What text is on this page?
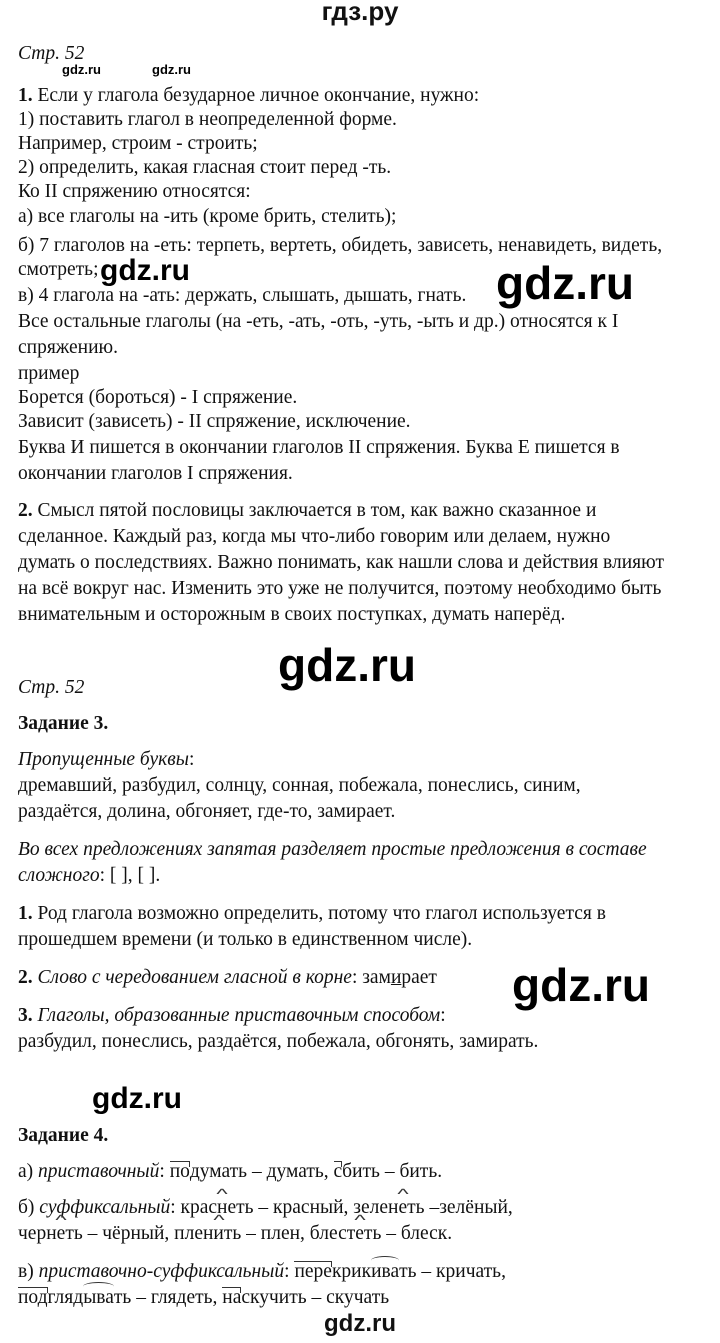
гдз.ру
gdz.ru	gdz.ru
gdz.ru	gdz.ru
gdz.ru
gdz.ru
gdz.ru
Стр. 52
1. Если у глагола безударное личное окончание, нужно:
1) поставить глагол в неопределенной форме.
Например, строим - строить;
2) определить, какая гласная стоит перед -ть.
Ко II спряжению относятся:
а) все глаголы на -ить (кроме брить, стелить);
б) 7 глаголов на -еть: терпеть, вертеть, обидеть, зависеть, ненавидеть, видеть,
смотреть;
в) 4 глагола на -ать: держать, слышать, дышать, гнать.
Все остальные глаголы (на -еть, -ать, -оть, -уть, -ыть и др.) относятся к I
спряжению.
пример
Борется (бороться) - I спряжение.
Зависит (зависеть) - II спряжение, исключение.
Буква И пишется в окончании глаголов II спряжения. Буква Е пишется в
окончании глаголов I спряжения.
2. Смысл пятой пословицы заключается в том, как важно сказанное и
сделанное. Каждый раз, когда мы что-либо говорим или делаем, нужно
думать о последствиях. Важно понимать, как нашли слова и действия влияют
на всё вокруг нас. Изменить это уже не получится, поэтому необходимо быть
внимательным и осторожным в своих поступках, думать наперёд.
Стр. 52
Задание 3.
Пропущенные буквы:
дремавший, разбудил, солнцу, сонная, побежала, понеслись, синим,
раздаётся, долина, обгоняет, где-то, замирает.
Во всех предложениях запятая разделяет простые предложения в составе
сложного: [ ], [ ].
1. Род глагола возможно определить, потому что глагол используется в
прошедшем времени (и только в единственном числе).
2. Слово с чередованием гласной в корне: замирает
3. Глаголы, образованные приставочным способом:
разбудил, понеслись, раздаётся, побежала, обгонять, замирать.
Задание 4.
а) приставочный: подумать – думать, сбить – бить.
б) суффиксальный: крас^ неть – красный, зелен^ еть –зелёный,
черн^ еть – чёрный, плен^ ить – плен, блест^ еть – блеск.
в) приставочно-суффиксальный: перекрикивать – кричать,
подглядывать – глядеть, наскучить – скучать
gdz.ru
